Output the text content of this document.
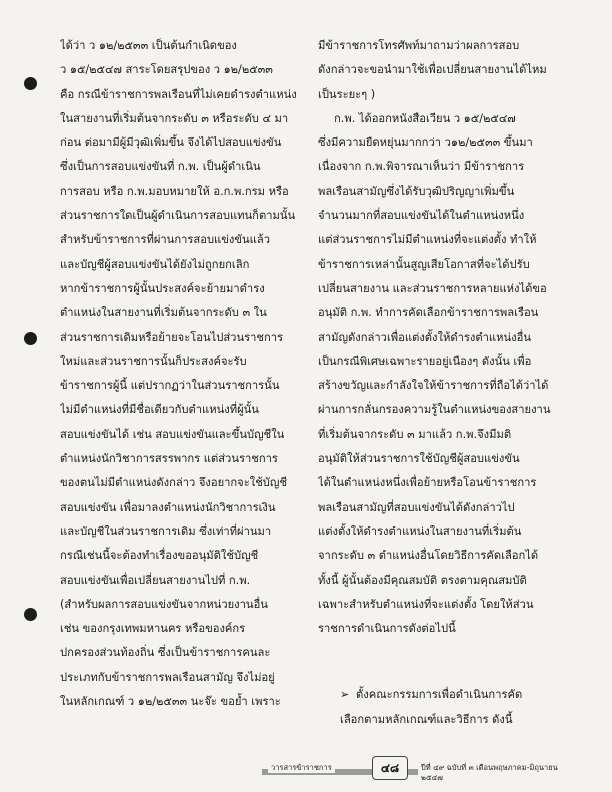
ได้ว่า ว ๑๒/๒๕๓๓ เป็นต้นกำเนิดของ
ว ๑๕/๒๕๔๗ สาระโดยสรุปของ ว ๑๒/๒๕๓๓
คือ กรณีข้าราชการพลเรือนที่ไม่เคยดำรงตำแหน่ง
ในสายงานที่เริ่มต้นจากระดับ ๓ หรือระดับ ๔ มา
ก่อน ต่อมามีผู้มีวุฒิเพิ่มขึ้น จึงได้ไปสอบแข่งขัน
ซึ่งเป็นการสอบแข่งขันที่ ก.พ. เป็นผู้ดำเนิน
การสอบ หรือ ก.พ.มอบหมายให้ อ.ก.พ.กรม หรือ
ส่วนราชการใดเป็นผู้ดำเนินการสอบแทนก็ตามนั้น
สำหรับข้าราชการที่ผ่านการสอบแข่งขันแล้ว
และบัญชีผู้สอบแข่งขันได้ยังไม่ถูกยกเลิก
หากข้าราชการผู้นั้นประสงค์จะย้ายมาดำรง
ตำแหน่งในสายงานที่เริ่มต้นจากระดับ ๓ ใน
ส่วนราชการเดิมหรือย้ายจะโอนไปส่วนราชการ
ใหม่และส่วนราชการนั้นก็ประสงค์จะรับ
ข้าราชการผู้นี้ แต่ปรากฏว่าในส่วนราชการนั้น
ไม่มีตำแหน่งที่มีชื่อเดียวกับตำแหน่งที่ผู้นั้น
สอบแข่งขันได้ เช่น สอบแข่งขันและขึ้นบัญชีใน
ตำแหน่งนักวิชาการสรรพากร แต่ส่วนราชการ
ของตนไม่มีตำแหน่งดังกล่าว จึงอยากจะใช้บัญชี
สอบแข่งขัน เพื่อมาลงตำแหน่งนักวิชาการเงิน
และบัญชีในส่วนราชการเดิม ซึ่งเท่าที่ผ่านมา
กรณีเช่นนี้จะต้องทำเรื่องขออนุมัติใช้บัญชี
สอบแข่งขันเพื่อเปลี่ยนสายงานไปที่ ก.พ.
(สำหรับผลการสอบแข่งขันจากหน่วยงานอื่น
เช่น ของกรุงเทพมหานคร หรือของค์กร
ปกครองส่วนท้องถิ่น ซึ่งเป็นข้าราชการคนละ
ประเภทกับข้าราชการพลเรือนสามัญ จึงไม่อยู่
ในหลักเกณฑ์ ว ๑๒/๒๕๓๓ นะจ๊ะ ขอย้ำ เพราะ
มีข้าราชการโทรศัพท์มาถามว่าผลการสอบ
ดังกล่าวจะขอนำมาใช้เพื่อเปลี่ยนสายงานได้ไหม
เป็นระยะๆ )
ก.พ. ได้ออกหนังสือเวียน ว ๑๕/๒๕๔๗
ซึ่งมีความยืดหยุ่นมากกว่า ว๑๒/๒๕๓๓ ขึ้นมา
เนื่องจาก ก.พ.พิจารณาเห็นว่า มีข้าราชการ
พลเรือนสามัญซึ่งได้รับวุฒิปริญญาเพิ่มขึ้น
จำนวนมากที่สอบแข่งขันได้ในตำแหน่งหนึ่ง
แต่ส่วนราชการไม่มีตำแหน่งที่จะแต่งตั้ง ทำให้
ข้าราชการเหล่านั้นสูญเสียโอกาสที่จะได้ปรับ
เปลี่ยนสายงาน และส่วนราชการหลายแห่งได้ขอ
อนุมัติ ก.พ. ทำการคัดเลือกข้าราชการพลเรือน
สามัญดังกล่าวเพื่อแต่งตั้งให้ดำรงตำแหน่งอื่น
เป็นกรณีพิเศษเฉพาะรายอยู่เนืองๆ ดังนั้น เพื่อ
สร้างขวัญและกำลังใจให้ข้าราชการที่ถือได้ว่าได้
ผ่านการกลั่นกรองความรู้ในตำแหน่งของสายงาน
ที่เริ่มต้นจากระดับ ๓ มาแล้ว ก.พ.จึงมีมติ
อนุมัติให้ส่วนราชการใช้บัญชีผู้สอบแข่งขัน
ได้ในตำแหน่งหนึ่งเพื่อย้ายหรือโอนข้าราชการ
พลเรือนสามัญที่สอบแข่งขันได้ดังกล่าวไป
แต่งตั้งให้ดำรงตำแหน่งในสายงานที่เริ่มต้น
จากระดับ ๓ ตำแหน่งอื่นโดยวิธีการคัดเลือกได้
ทั้งนี้ ผู้นั้นต้องมีคุณสมบัติ ตรงตามคุณสมบัติ
เฉพาะสำหรับตำแหน่งที่จะแต่งตั้ง โดยให้ส่วน
ราชการดำเนินการดังต่อไปนี้
➢ ตั้งคณะกรรมการเพื่อดำเนินการคัด
เลือกตามหลักเกณฑ์และวิธีการ ดังนี้
วารสารข้าราชการ	๔๘	ปีที่ ๔๙ ฉบับที่ ๓ เดือนพฤษภาคม-มิถุนายน ๒๕๔๗
